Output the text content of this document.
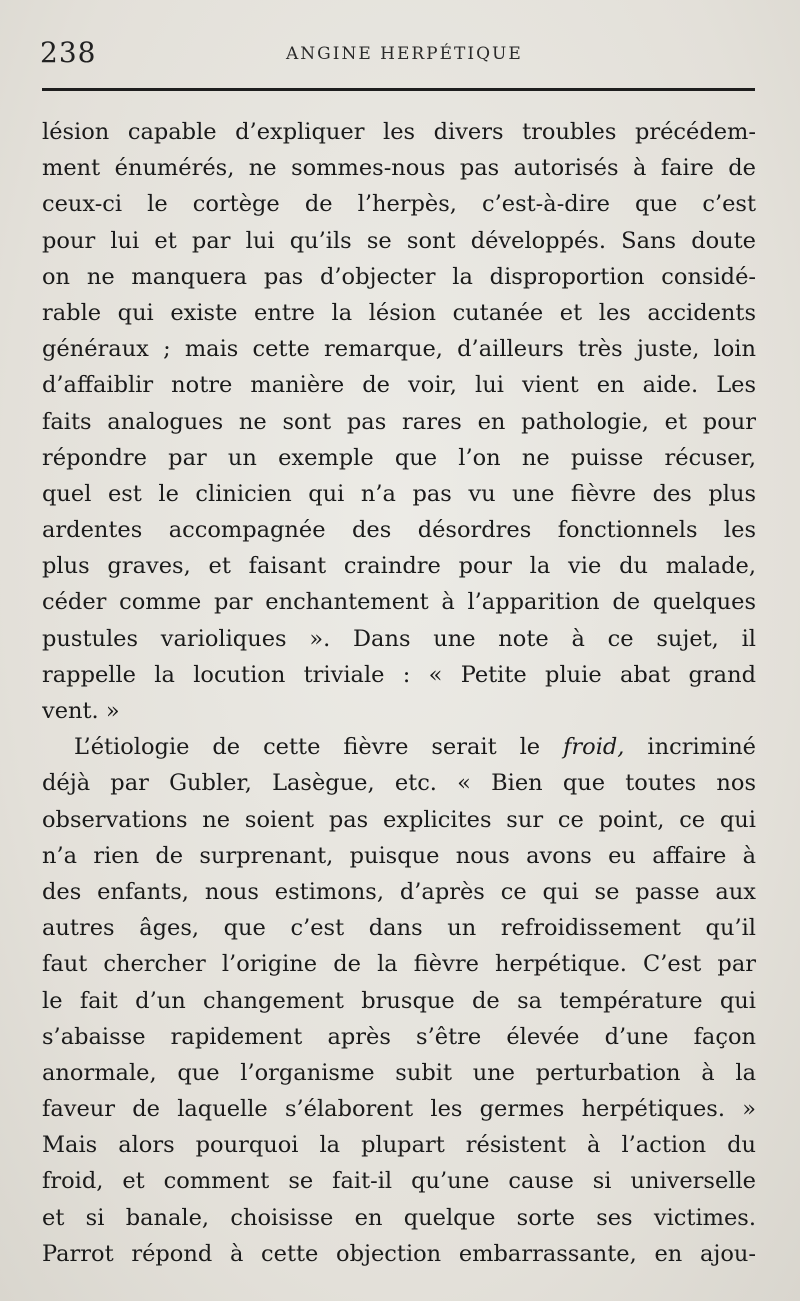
238	ANGINE HERPÉTIQUE
lésion capable d’expliquer les divers troubles précédem-
ment énumérés, ne sommes-nous pas autorisés à faire de
ceux-ci le cortège de l’herpès, c’est-à-dire que c’est
pour lui et par lui qu’ils se sont développés. Sans doute
on ne manquera pas d’objecter la disproportion considé-
rable qui existe entre la lésion cutanée et les accidents
généraux ; mais cette remarque, d’ailleurs très juste, loin
d’affaiblir notre manière de voir, lui vient en aide. Les
faits analogues ne sont pas rares en pathologie, et pour
répondre par un exemple que l’on ne puisse récuser,
quel est le clinicien qui n’a pas vu une fièvre des plus
ardentes accompagnée des désordres fonctionnels les
plus graves, et faisant craindre pour la vie du malade,
céder comme par enchantement à l’apparition de quelques
pustules varioliques ». Dans une note à ce sujet, il
rappelle la locution triviale : « Petite pluie abat grand
vent. »
L’étiologie de cette fièvre serait le froid, incriminé
déjà par Gubler, Lasègue, etc. « Bien que toutes nos
observations ne soient pas explicites sur ce point, ce qui
n’a rien de surprenant, puisque nous avons eu affaire à
des enfants, nous estimons, d’après ce qui se passe aux
autres âges, que c’est dans un refroidissement qu’il
faut chercher l’origine de la fièvre herpétique. C’est par
le fait d’un changement brusque de sa température qui
s’abaisse rapidement après s’être élevée d’une façon
anormale, que l’organisme subit une perturbation à la
faveur de laquelle s’élaborent les germes herpétiques. »
Mais alors pourquoi la plupart résistent à l’action du
froid, et comment se fait-il qu’une cause si universelle
et si banale, choisisse en quelque sorte ses victimes.
Parrot répond à cette objection embarrassante, en ajou-
